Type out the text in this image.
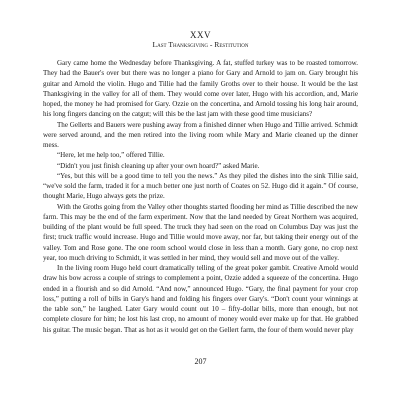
XXV
Last Thanksgiving - Restitution

Gary came home the Wednesday before Thanksgiving. A fat, stuffed turkey was to be roasted tomorrow. They had the Bauer's over but there was no longer a piano for Gary and Arnold to jam on. Gary brought his guitar and Arnold the violin. Hugo and Tillie had the family Groths over to their house. It would be the last Thanksgiving in the valley for all of them. They would come over later, Hugo with his accordion, and, Marie hoped, the money he had promised for Gary. Ozzie on the concertina, and Arnold tossing his long hair around, his long fingers dancing on the catgut; will this be the last jam with these good time musicians?

The Gellerts and Bauers were pushing away from a finished dinner when Hugo and Tillie arrived. Schmidt were served around, and the men retired into the living room while Mary and Marie cleaned up the dinner mess.

“Here, let me help too,” offered Tillie.

“Didn't you just finish cleaning up after your own hoard?” asked Marie.

“Yes, but this will be a good time to tell you the news.” As they piled the dishes into the sink Tillie said, “we've sold the farm, traded it for a much better one just north of Coates on 52. Hugo did it again.” Of course, thought Marie, Hugo always gets the prize.

With the Groths going from the Valley other thoughts started flooding her mind as Tillie described the new farm. This may be the end of the farm experiment. Now that the land needed by Great Northern was acquired, building of the plant would be full speed. The truck they had seen on the road on Columbus Day was just the first; truck traffic would increase. Hugo and Tillie would move away, nor far, but taking their energy out of the valley. Tom and Rose gone. The one room school would close in less than a month. Gary gone, no crop next year, too much driving to Schmidt, it was settled in her mind, they would sell and move out of the valley.

In the living room Hugo held court dramatically telling of the great poker gambit. Creative Arnold would draw his bow across a couple of strings to complement a point, Ozzie added a squeeze of the concertina. Hugo ended in a flourish and so did Arnold. “And now,” announced Hugo. “Gary, the final payment for your crop loss,” putting a roll of bills in Gary's hand and folding his fingers over Gary's. “Don't count your winnings at the table son,” he laughed. Later Gary would count out 10 – fifty-dollar bills, more than enough, but not complete closure for him; he lost his last crop, no amount of money would ever make up for that. He grabbed his guitar. The music began. That as hot as it would get on the Gellert farm, the four of them would never play

207
